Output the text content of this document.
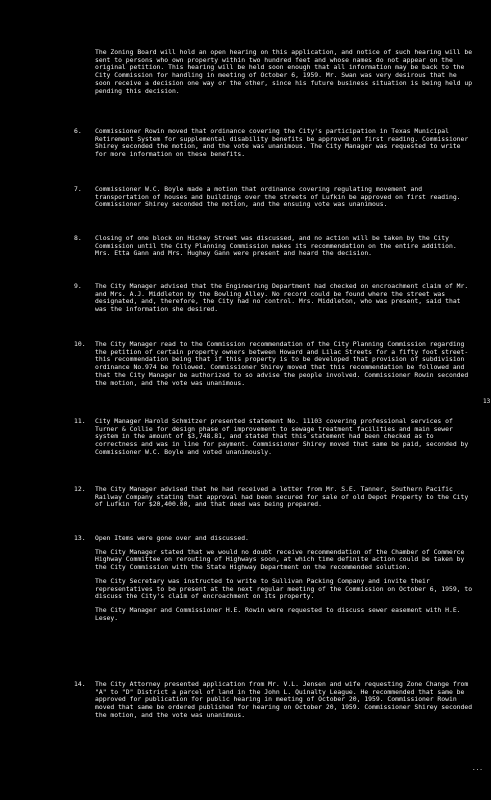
The Zoning Board will hold an open hearing on this application, and notice of such hearing will be sent to persons who own property within two hundred feet and whose names do not appear on the original petition. This hearing will be held soon enough that all information may be back to the City Commission for handling in meeting of October 6, 1959. Mr. Swan was very desirous that he soon receive a decision one way or the other, since his future business situation is being held up pending this decision.

6.	Commissioner Rowin moved that ordinance covering the City's participation in Texas Municipal Retirement System for supplemental disability benefits be approved on first reading. Commissioner Shirey seconded the motion, and the vote was unanimous. The City Manager was requested to write for more information on these benefits.

7.	Commissioner W.C. Boyle made a motion that ordinance covering regulating movement and transportation of houses and buildings over the streets of Lufkin be approved on first reading. Commissioner Shirey seconded the motion, and the ensuing vote was unanimous.

8.	Closing of one block on Hickey Street was discussed, and no action will be taken by the City Commission until the City Planning Commission makes its recommendation on the entire addition. Mrs. Etta Gann and Mrs. Hughey Gann were present and heard the decision.

9.	The City Manager advised that the Engineering Department had checked on encroachment claim of Mr. and Mrs. A.J. Middleton by the Bowling Alley. No record could be found where the street was designated, and, therefore, the City had no control. Mrs. Middleton, who was present, said that was the information she desired.

10.	The City Manager read to the Commission recommendation of the City Planning Commission regarding the petition of certain property owners between Howard and Lilac Streets for a fifty foot street- this recommendation being that if this property is to be developed that provision of subdivision ordinance No.974 be followed. Commissioner Shirey moved that this recommendation be followed and that the City Manager be authorized to so advise the people involved. Commissioner Rowin seconded the motion, and the vote was unanimous.

11.	City Manager Harold Schmitzer presented statement No. 11103 covering professional services of Turner & Collie for design phase of improvement to sewage treatment facilities and main sewer system in the amount of $3,748.81, and stated that this statement had been checked as to correctness and was in line for payment. Commissioner Shirey moved that same be paid, seconded by Commissioner W.C. Boyle and voted unanimously.

12.	The City Manager advised that he had received a letter from Mr. S.E. Tanner, Southern Pacific Railway Company stating that approval had been secured for sale of old Depot Property to the City of Lufkin for $20,400.00, and that deed was being prepared.

13.	Open Items were gone over and discussed.

The City Manager stated that we would no doubt receive recommendation of the Chamber of Commerce Highway Committee on rerouting of Highways soon, at which time definite action could be taken by the City Commission with the State Highway Department on the recommended solution.

The City Secretary was instructed to write to Sullivan Packing Company and invite their representatives to be present at the next regular meeting of the Commission on October 6, 1959, to discuss the City's claim of encroachment on its property.

The City Manager and Commissioner H.E. Rowin were requested to discuss sewer easement with H.E. Lesey.

14.	The City Attorney presented application from Mr. V.L. Jensen and wife requesting Zone Change from "A" to "D" District a parcel of land in the John L. Quinalty League. He recommended that same be approved for publication for public hearing in meeting of October 20, 1959. Commissioner Rowin moved that same be ordered published for hearing on October 20, 1959. Commissioner Shirey seconded the motion, and the vote was unanimous.

13
...
